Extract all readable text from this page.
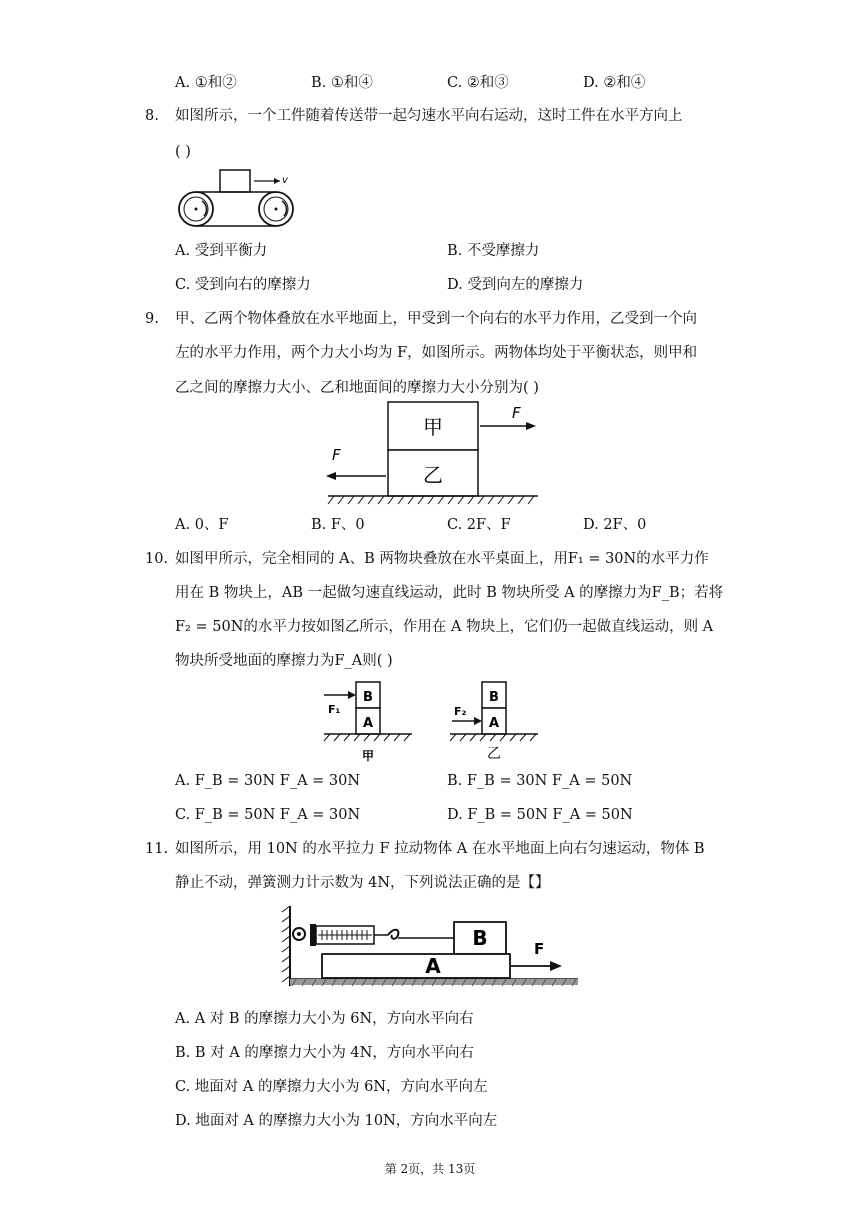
A. ①和②	B. ①和④	C. ②和③	D. ②和④
8. 如图所示，一个工件随着传送带一起匀速水平向右运动，这时工件在水平方向上
( )
v
A. 受到平衡力	B. 不受摩擦力
C. 受到向右的摩擦力	D. 受到向左的摩擦力
9. 甲、乙两个物体叠放在水平地面上，甲受到一个向右的水平力作用，乙受到一个向
左的水平力作用，两个力大小均为 F，如图所示。两物体均处于平衡状态，则甲和
乙之间的摩擦力大小、乙和地面间的摩擦力大小分别为( )
甲
乙
F
F
A. 0、F	B. F、0	C. 2F、F	D. 2F、0
10. 如图甲所示，完全相同的 A、B 两物块叠放在水平桌面上，用F₁ = 30N的水平力作
用在 B 物块上，AB 一起做匀速直线运动，此时 B 物块所受 A 的摩擦力为F_B；若将
F₂ = 50N的水平力按如图乙所示，作用在 A 物块上，它们仍一起做直线运动，则 A
物块所受地面的摩擦力为F_A则( )
B
A
F₁
甲
B
A
F₂
乙
A. F_B = 30N F_A = 30N	B. F_B = 30N F_A = 50N
C. F_B = 50N F_A = 30N	D. F_B = 50N F_A = 50N
11. 如图所示，用 10N 的水平拉力 F 拉动物体 A 在水平地面上向右匀速运动，物体 B
静止不动，弹簧测力计示数为 4N，下列说法正确的是【】
B
A
F
A. A 对 B 的摩擦力大小为 6N，方向水平向右
B. B 对 A 的摩擦力大小为 4N，方向水平向右
C. 地面对 A 的摩擦力大小为 6N，方向水平向左
D. 地面对 A 的摩擦力大小为 10N，方向水平向左
第 2页，共 13页
